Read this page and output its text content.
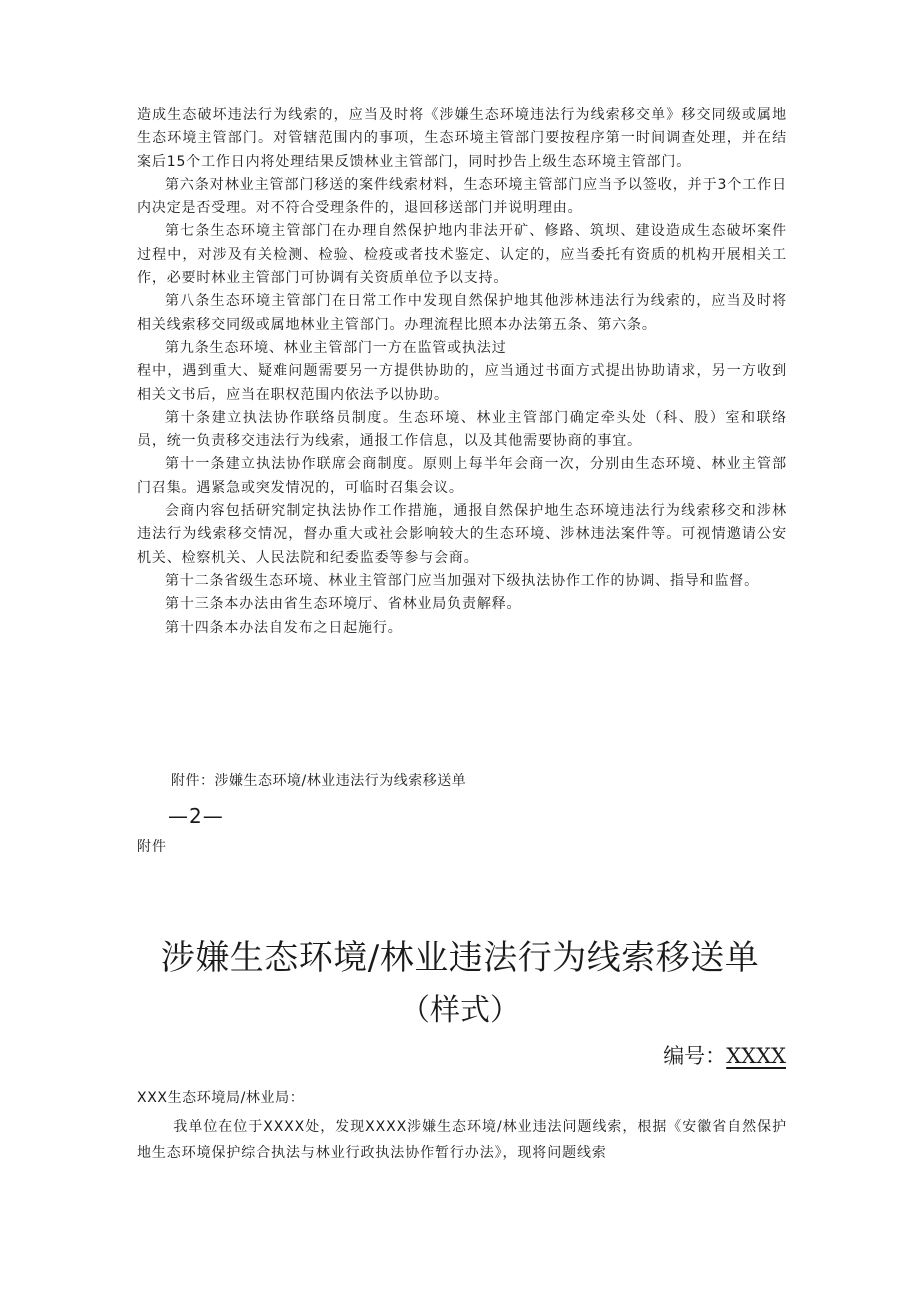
造成生态破坏违法行为线索的，应当及时将《涉嫌生态环境违法行为线索移交单》移交同级或属地生态环境主管部门。对管辖范围内的事项，生态环境主管部门要按程序第一时间调查处理，并在结案后15个工作日内将处理结果反馈林业主管部门，同时抄告上级生态环境主管部门。

第六条对林业主管部门移送的案件线索材料，生态环境主管部门应当予以签收，并于3个工作日内决定是否受理。对不符合受理条件的，退回移送部门并说明理由。

第七条生态环境主管部门在办理自然保护地内非法开矿、修路、筑坝、建设造成生态破坏案件过程中，对涉及有关检测、检验、检疫或者技术鉴定、认定的，应当委托有资质的机构开展相关工作，必要时林业主管部门可协调有关资质单位予以支持。

第八条生态环境主管部门在日常工作中发现自然保护地其他涉林违法行为线索的，应当及时将相关线索移交同级或属地林业主管部门。办理流程比照本办法第五条、第六条。

第九条生态环境、林业主管部门一方在监管或执法过

程中，遇到重大、疑难问题需要另一方提供协助的，应当通过书面方式提出协助请求，另一方收到相关文书后，应当在职权范围内依法予以协助。

第十条建立执法协作联络员制度。生态环境、林业主管部门确定牵头处（科、股）室和联络员，统一负责移交违法行为线索，通报工作信息，以及其他需要协商的事宜。

第十一条建立执法协作联席会商制度。原则上每半年会商一次，分别由生态环境、林业主管部门召集。遇紧急或突发情况的，可临时召集会议。

会商内容包括研究制定执法协作工作措施，通报自然保护地生态环境违法行为线索移交和涉林违法行为线索移交情况，督办重大或社会影响较大的生态环境、涉林违法案件等。可视情邀请公安机关、检察机关、人民法院和纪委监委等参与会商。

第十二条省级生态环境、林业主管部门应当加强对下级执法协作工作的协调、指导和监督。

第十三条本办法由省生态环境厅、省林业局负责解释。

第十四条本办法自发布之日起施行。

附件：涉嫌生态环境/林业违法行为线索移送单
—2—
附件
涉嫌生态环境/林业违法行为线索移送单
（样式）
编号：XXXX
XXX生态环境局/林业局：

我单位在位于XXXX处，发现XXXX涉嫌生态环境/林业违法问题线索，根据《安徽省自然保护地生态环境保护综合执法与林业行政执法协作暂行办法》，现将问题线索
